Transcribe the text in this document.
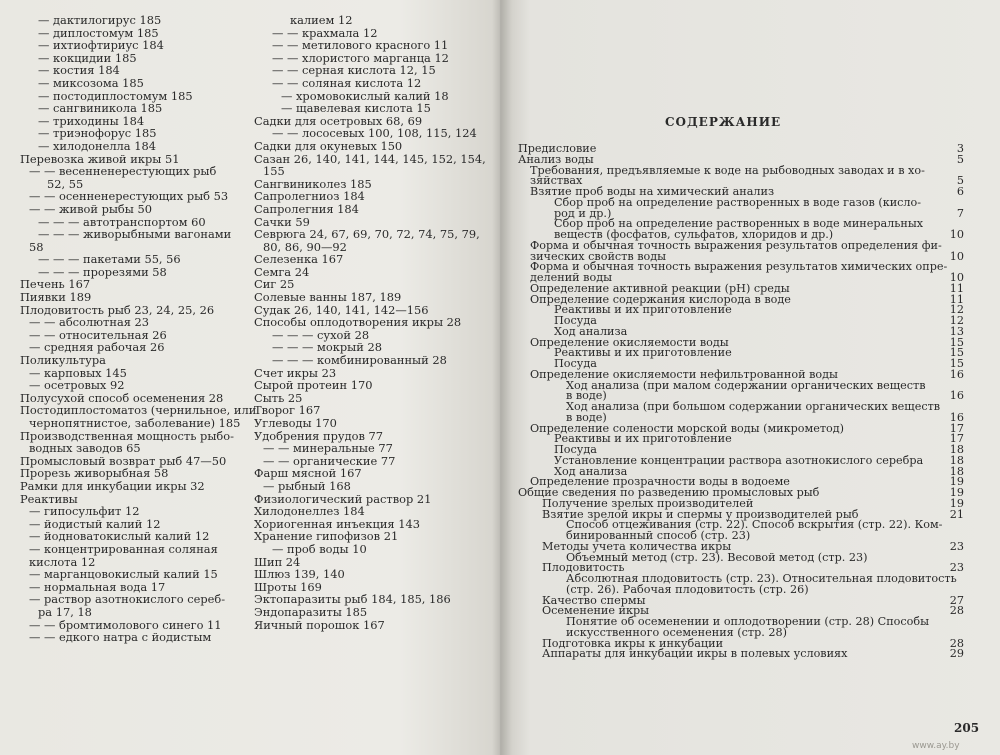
— дактилогирус 185
— диплостомум 185
— ихтиофтириус 184
— кокцидии 185
— костия 184
— миксозома 185
— постодиплостомум 185
— сангвиникола 185
— триходины 184
— триэнофорус 185
— хилодонелла 184
Перевозка живой икры 51
— — весенненерестующих рыб
52, 55
— — осенненерестующих рыб 53
— — живой рыбы 50
— — — автотранспортом 60
— — — живорыбными вагонами
58
— — — пакетами 55, 56
— — — прорезями 58
Печень 167
Пиявки 189
Плодовитость рыб 23, 24, 25, 26
— — абсолютная 23
— — относительная 26
— средняя рабочая 26
Поликультура
— карповых 145
— осетровых 92
Полусухой способ осеменения 28
Постодиплостоматоз (чернильное, или
чернопятнистое, заболевание) 185
Производственная мощность рыбо-
водных заводов 65
Промысловый возврат рыб 47—50
Прорезь живорыбная 58
Рамки для инкубации икры 32
Реактивы
— гипосульфит 12
— йодистый калий 12
— йодноватокислый калий 12
— концентрированная соляная
кислота 12
— марганцовокислый калий 15
— нормальная вода 17
— раствор азотнокислого сереб-
ра 17, 18
— — бромтимолового синего 11
— — едкого натра с йодистым
калием 12
— — крахмала 12
— — метилового красного 11
— — хлористого марганца 12
— — серная кислота 12, 15
— — соляная кислота 12
— хромовокислый калий 18
— щавелевая кислота 15
Садки для осетровых 68, 69
— — лососевых 100, 108, 115, 124
Садки для окуневых 150
Сазан 26, 140, 141, 144, 145, 152, 154,
155
Сангвиниколез 185
Сапролегниоз 184
Сапролегния 184
Сачки 59
Севрюга 24, 67, 69, 70, 72, 74, 75, 79,
80, 86, 90—92
Селезенка 167
Семга 24
Сиг 25
Солевые ванны 187, 189
Судак 26, 140, 141, 142—156
Способы оплодотворения икры 28
— — — сухой 28
— — — мокрый 28
— — — комбинированный 28
Счет икры 23
Сырой протеин 170
Сыть 25
Творог 167
Углеводы 170
Удобрения прудов 77
— — минеральные 77
— — органические 77
Фарш мясной 167
— рыбный 168
Физиологический раствор 21
Хилодонеллез 184
Хориогенная инъекция 143
Хранение гипофизов 21
— проб воды 10
Шип 24
Шлюз 139, 140
Шроты 169
Эктопаразиты рыб 184, 185, 186
Эндопаразиты 185
Яичный порошок 167
СОДЕРЖАНИЕ
Предисловие	3
Анализ воды	5
Требования, предъявляемые к воде на рыбоводных заводах и в хо-
зяйствах	5
Взятие проб воды на химический анализ	6
Сбор проб на определение растворенных в воде газов (кисло-
род и др.)	7
Сбор проб на определение растворенных в воде минеральных
веществ (фосфатов, сульфатов, хлоридов и др.)	10
Форма и обычная точность выражения результатов определения фи-
зических свойств воды	10
Форма и обычная точность выражения результатов химических опре-
делений воды	10
Определение активной реакции (pH) среды	11
Определение содержания кислорода в воде	11
Реактивы и их приготовление	12
Посуда	12
Ход анализа	13
Определение окисляемости воды	15
Реактивы и их приготовление	15
Посуда	15
Определение окисляемости нефильтрованной воды	16
Ход анализа (при малом содержании органических веществ
в воде)	16
Ход анализа (при большом содержании органических веществ
в воде)	16
Определение солености морской воды (микрометод)	17
Реактивы и их приготовление	17
Посуда	18
Установление концентрации раствора азотнокислого серебра 18
Ход анализа	18
Определение прозрачности воды в водоеме	19
Общие сведения по разведению промысловых рыб	19
Получение зрелых производителей	19
Взятие зрелой икры и спермы у производителей рыб	21
Способ отцеживания (стр. 22). Способ вскрытия (стр. 22). Ком-
бинированный способ (стр. 23)
Методы учета количества икры	23
Объемный метод (стр. 23). Весовой метод (стр. 23)
Плодовитость	23
Абсолютная плодовитость (стр. 23). Относительная плодовитость
(стр. 26). Рабочая плодовитость (стр. 26)
Качество спермы	27
Осеменение икры	28
Понятие об осеменении и оплодотворении (стр. 28) Способы
искусственного осеменения (стр. 28)
Подготовка икры к инкубации	28
Аппараты для инкубации икры в полевых условиях	29
205
www.ay.by
